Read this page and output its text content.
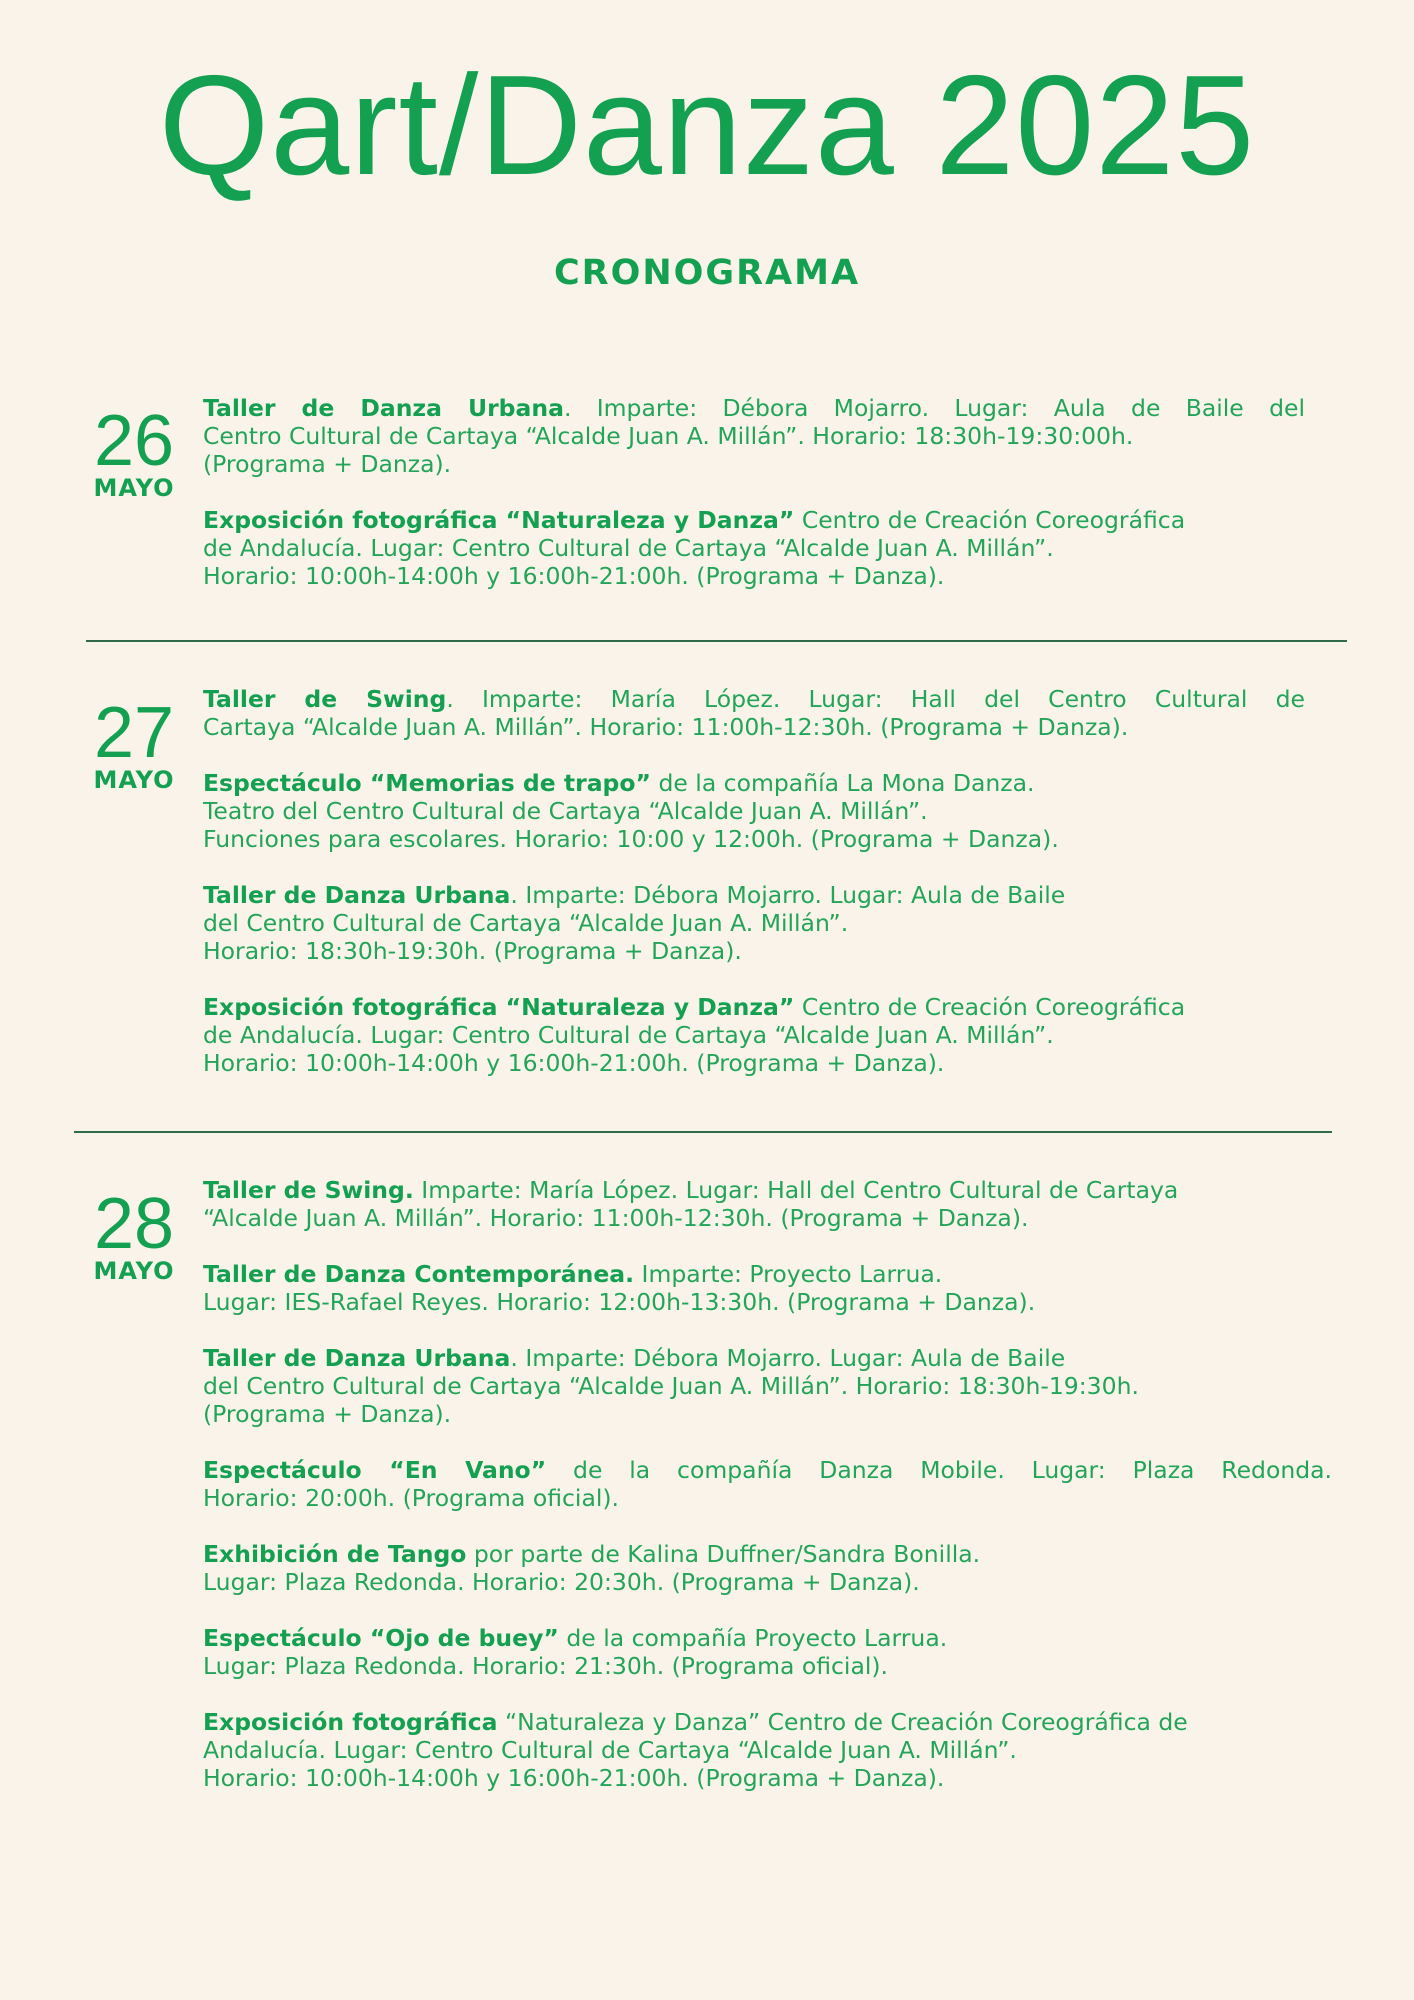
Qart/Danza 2025
CRONOGRAMA
26
MAYO
Taller de Danza Urbana. Imparte: Débora Mojarro. Lugar: Aula de Baile del
Centro Cultural de Cartaya “Alcalde Juan A. Millán”. Horario: 18:30h-19:30:00h.
(Programa + Danza).
Exposición fotográfica “Naturaleza y Danza” Centro de Creación Coreográfica
de Andalucía. Lugar: Centro Cultural de Cartaya “Alcalde Juan A. Millán”.
Horario: 10:00h-14:00h y 16:00h-21:00h. (Programa + Danza).
27
MAYO
Taller de Swing. Imparte: María López. Lugar: Hall del Centro Cultural de
Cartaya “Alcalde Juan A. Millán”. Horario: 11:00h-12:30h. (Programa + Danza).
Espectáculo “Memorias de trapo” de la compañía La Mona Danza.
Teatro del Centro Cultural de Cartaya “Alcalde Juan A. Millán”.
Funciones para escolares. Horario: 10:00 y 12:00h. (Programa + Danza).
Taller de Danza Urbana. Imparte: Débora Mojarro. Lugar: Aula de Baile
del Centro Cultural de Cartaya “Alcalde Juan A. Millán”.
Horario: 18:30h-19:30h. (Programa + Danza).
Exposición fotográfica “Naturaleza y Danza” Centro de Creación Coreográfica
de Andalucía. Lugar: Centro Cultural de Cartaya “Alcalde Juan A. Millán”.
Horario: 10:00h-14:00h y 16:00h-21:00h. (Programa + Danza).
28
MAYO
Taller de Swing. Imparte: María López. Lugar: Hall del Centro Cultural de Cartaya
“Alcalde Juan A. Millán”. Horario: 11:00h-12:30h. (Programa + Danza).
Taller de Danza Contemporánea. Imparte: Proyecto Larrua.
Lugar: IES-Rafael Reyes. Horario: 12:00h-13:30h. (Programa + Danza).
Taller de Danza Urbana. Imparte: Débora Mojarro. Lugar: Aula de Baile
del Centro Cultural de Cartaya “Alcalde Juan A. Millán”. Horario: 18:30h-19:30h.
(Programa + Danza).
Espectáculo “En Vano” de la compañía Danza Mobile. Lugar: Plaza Redonda.
Horario: 20:00h. (Programa oficial).
Exhibición de Tango por parte de Kalina Duffner/Sandra Bonilla.
Lugar: Plaza Redonda. Horario: 20:30h. (Programa + Danza).
Espectáculo “Ojo de buey” de la compañía Proyecto Larrua.
Lugar: Plaza Redonda. Horario: 21:30h. (Programa oficial).
Exposición fotográfica “Naturaleza y Danza” Centro de Creación Coreográfica de
Andalucía. Lugar: Centro Cultural de Cartaya “Alcalde Juan A. Millán”.
Horario: 10:00h-14:00h y 16:00h-21:00h. (Programa + Danza).
